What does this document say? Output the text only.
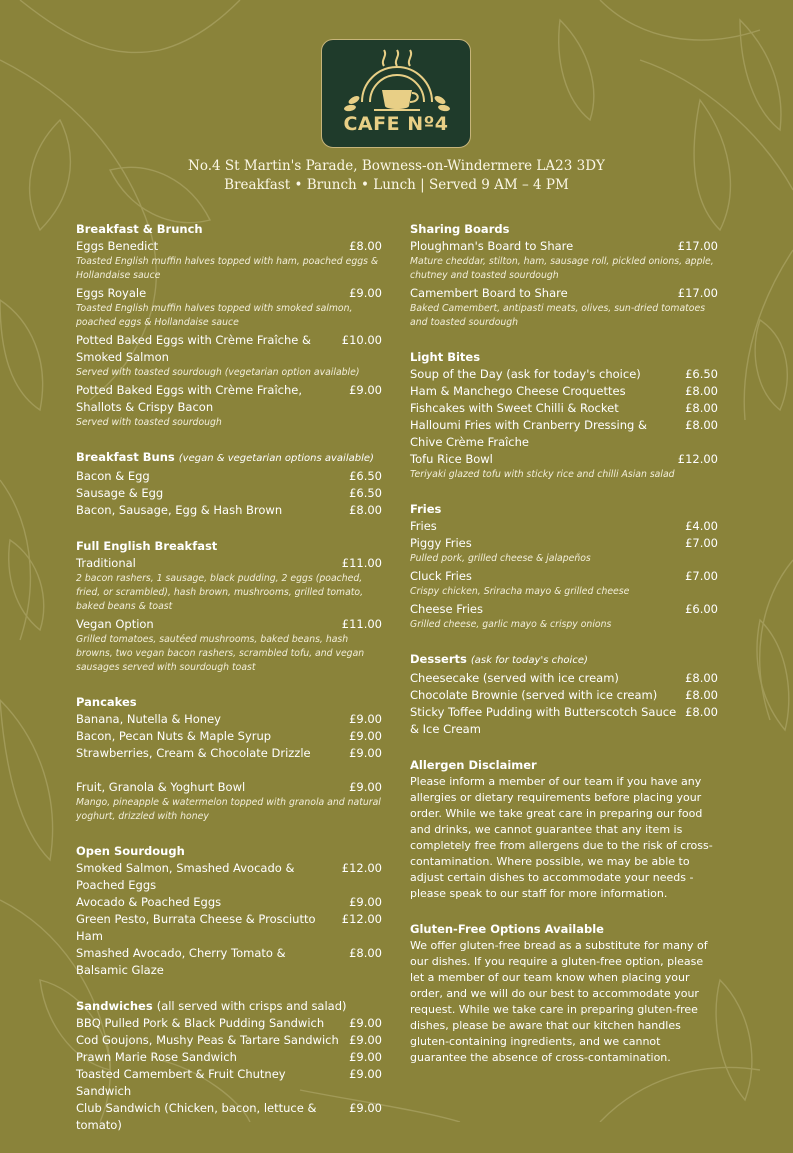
CAFE Nº4
No.4 St Martin's Parade, Bowness-on-Windermere LA23 3DY
Breakfast • Brunch • Lunch | Served 9 AM – 4 PM
Breakfast & Brunch
Eggs Benedict	£8.00
Toasted English muffin halves topped with ham, poached eggs & Hollandaise sauce
Eggs Royale	£9.00
Toasted English muffin halves topped with smoked salmon, poached eggs & Hollandaise sauce
Potted Baked Eggs with Crème Fraîche & Smoked Salmon
£10.00
Served with toasted sourdough (vegetarian option available)
Potted Baked Eggs with Crème Fraîche, Shallots & Crispy Bacon
£9.00
Served with toasted sourdough
Breakfast Buns (vegan & vegetarian options available)
Bacon & Egg	£6.50
Sausage & Egg	£6.50
Bacon, Sausage, Egg & Hash Brown	£8.00
Full English Breakfast
Traditional	£11.00
2 bacon rashers, 1 sausage, black pudding, 2 eggs (poached, fried, or scrambled), hash brown, mushrooms, grilled tomato, baked beans & toast
Vegan Option	£11.00
Grilled tomatoes, sautéed mushrooms, baked beans, hash browns, two vegan bacon rashers, scrambled tofu, and vegan sausages served with sourdough toast
Pancakes
Banana, Nutella & Honey	£9.00
Bacon, Pecan Nuts & Maple Syrup	£9.00
Strawberries, Cream & Chocolate Drizzle	£9.00
Fruit, Granola & Yoghurt Bowl	£9.00
Mango, pineapple & watermelon topped with granola and natural yoghurt, drizzled with honey
Open Sourdough
Smoked Salmon, Smashed Avocado & Poached Eggs
£12.00
Avocado & Poached Eggs	£9.00
Green Pesto, Burrata Cheese & Prosciutto Ham
£12.00
Smashed Avocado, Cherry Tomato & Balsamic Glaze
£8.00
Sandwiches (all served with crisps and salad)
BBQ Pulled Pork & Black Pudding Sandwich	£9.00
Cod Goujons, Mushy Peas & Tartare Sandwich £9.00
Prawn Marie Rose Sandwich	£9.00
Toasted Camembert & Fruit Chutney Sandwich
£9.00
Club Sandwich (Chicken, bacon, lettuce & tomato)
£9.00
Sharing Boards
Ploughman's Board to Share	£17.00
Mature cheddar, stilton, ham, sausage roll, pickled onions, apple, chutney and toasted sourdough
Camembert Board to Share	£17.00
Baked Camembert, antipasti meats, olives, sun-dried tomatoes and toasted sourdough
Light Bites
Soup of the Day (ask for today's choice)	£6.50
Ham & Manchego Cheese Croquettes	£8.00
Fishcakes with Sweet Chilli & Rocket	£8.00
Halloumi Fries with Cranberry Dressing & Chive Crème Fraîche
£8.00
Tofu Rice Bowl	£12.00
Teriyaki glazed tofu with sticky rice and chilli Asian salad
Fries
Fries	£4.00
Piggy Fries	£7.00
Pulled pork, grilled cheese & jalapeños
Cluck Fries	£7.00
Crispy chicken, Sriracha mayo & grilled cheese
Cheese Fries	£6.00
Grilled cheese, garlic mayo & crispy onions
Desserts (ask for today's choice)
Cheesecake (served with ice cream)	£8.00
Chocolate Brownie (served with ice cream)	£8.00
Sticky Toffee Pudding with Butterscotch Sauce & Ice Cream
£8.00
Allergen Disclaimer

Please inform a member of our team if you have any allergies or dietary requirements before placing your order. While we take great care in preparing our food and drinks, we cannot guarantee that any item is completely free from allergens due to the risk of cross-contamination. Where possible, we may be able to adjust certain dishes to accommodate your needs - please speak to our staff for more information.

Gluten-Free Options Available

We offer gluten-free bread as a substitute for many of our dishes. If you require a gluten-free option, please let a member of our team know when placing your order, and we will do our best to accommodate your request. While we take care in preparing gluten-free dishes, please be aware that our kitchen handles gluten-containing ingredients, and we cannot guarantee the absence of cross-contamination.
